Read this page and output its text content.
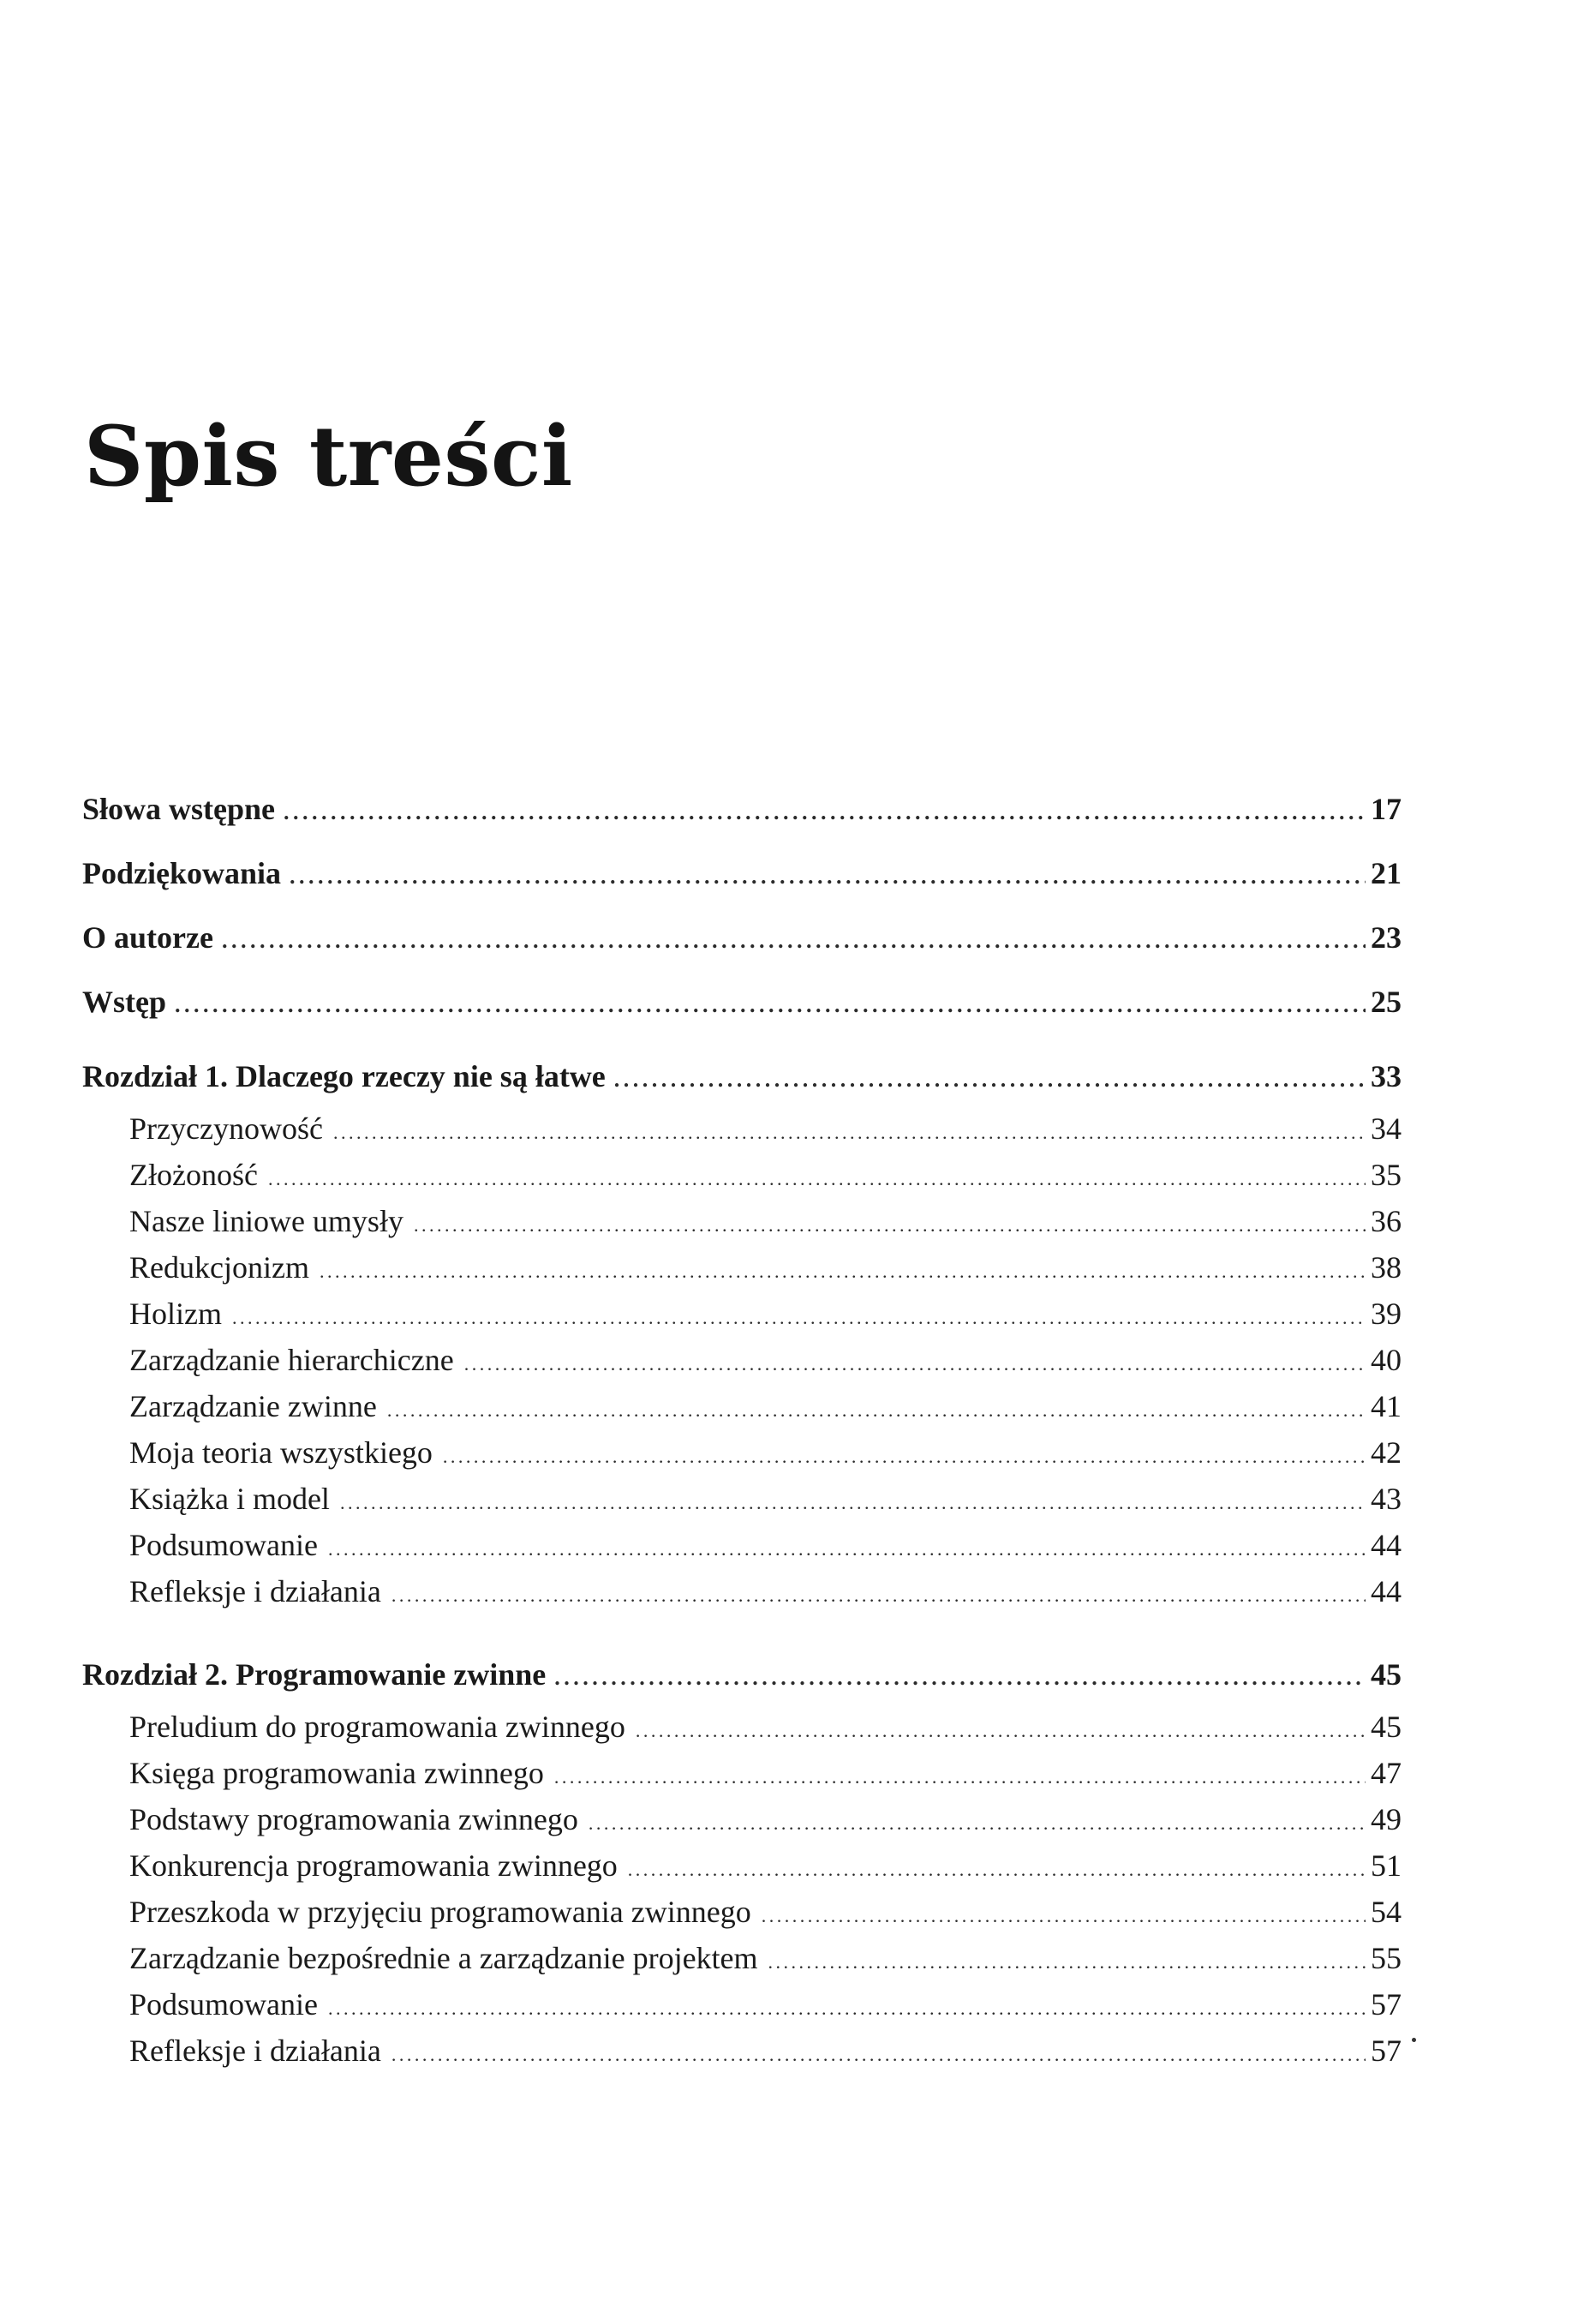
Spis treści
Słowa wstępne . . .	17
Podziękowania . . .	21
O autorze . . .	23
Wstęp . . .	25
Rozdział 1. Dlaczego rzeczy nie są łatwe . . .	33
Przyczynowość . . .	34
Złożoność . . .	35
Nasze liniowe umysły . . .	36
Redukcjonizm . . .	38
Holizm . . .	39
Zarządzanie hierarchiczne . . .	40
Zarządzanie zwinne . . .	41
Moja teoria wszystkiego . . .	42
Książka i model . . .	43
Podsumowanie . . .	44
Refleksje i działania . . .	44
Rozdział 2. Programowanie zwinne . . .	45
Preludium do programowania zwinnego . . .	45
Księga programowania zwinnego . . .	47
Podstawy programowania zwinnego . . .	49
Konkurencja programowania zwinnego . . .	51
Przeszkoda w przyjęciu programowania zwinnego . . .	54
Zarządzanie bezpośrednie a zarządzanie projektem . . .	55
Podsumowanie . . .	57
Refleksje i działania . . .	57
